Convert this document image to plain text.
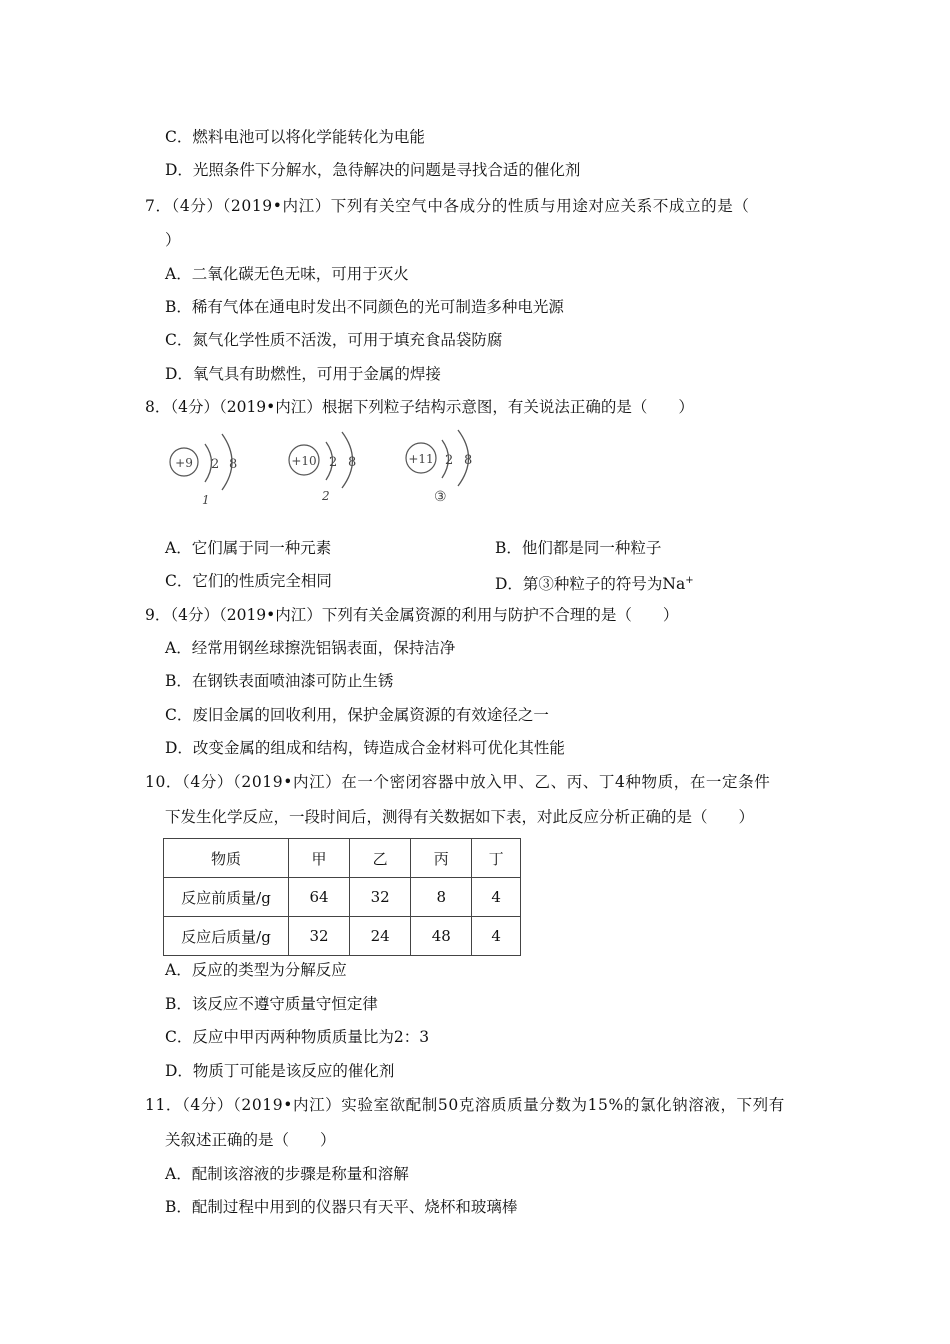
C．燃料电池可以将化学能转化为电能
D．光照条件下分解水，急待解决的问题是寻找合适的催化剂
7．（4分）（2019•内江）下列有关空气中各成分的性质与用途对应关系不成立的是（
）
A．二氧化碳无色无味，可用于灭火
B．稀有气体在通电时发出不同颜色的光可制造多种电光源
C．氮气化学性质不活泼，可用于填充食品袋防腐
D．氧气具有助燃性，可用于金属的焊接
8．（4分）（2019•内江）根据下列粒子结构示意图，有关说法正确的是（　　）
+9 2 8
1
+10 2 8
2
+11 2 8
③
A．它们属于同一种元素	B．他们都是同一种粒子
C．它们的性质完全相同	D．第③种粒子的符号为Na+
9．（4分）（2019•内江）下列有关金属资源的利用与防护不合理的是（　　）
A．经常用钢丝球擦洗铝锅表面，保持洁净
B．在钢铁表面喷油漆可防止生锈
C．废旧金属的回收利用，保护金属资源的有效途径之一
D．改变金属的组成和结构，铸造成合金材料可优化其性能
10．（4分）（2019•内江）在一个密闭容器中放入甲、乙、丙、丁4种物质，在一定条件
下发生化学反应，一段时间后，测得有关数据如下表，对此反应分析正确的是（　　）
物质	甲	乙	丙	丁
反应前质量/g	64	32	8	4
反应后质量/g	32	24	48	4
A．反应的类型为分解反应
B．该反应不遵守质量守恒定律
C．反应中甲丙两种物质质量比为2：3
D．物质丁可能是该反应的催化剂
11．（4分）（2019•内江）实验室欲配制50克溶质质量分数为15%的氯化钠溶液，下列有
关叙述正确的是（　　）
A．配制该溶液的步骤是称量和溶解
B．配制过程中用到的仪器只有天平、烧杯和玻璃棒
